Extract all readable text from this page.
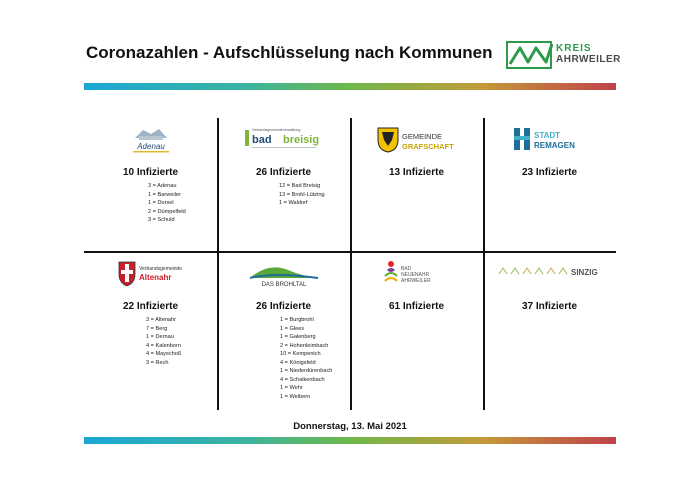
Coronazahlen - Aufschlüsselung nach Kommunen	KREIS
AHRWEILER
Adenau
10 Infizierte
3 = Adenau
1 = Barweiler
1 = Dorsel
2 = Dümpelfeld
3 = Schuld
Verbandsgemeindeverwaltung
bad breisig
26 Infizierte
12 = Bad Breisig
13 = Brohl-Lützing
1 = Waldorf
GEMEINDE
GRAFSCHAFT
13 Infizierte
STADT
REMAGEN
23 Infizierte
Verbandsgemeinde
Altenahr
22 Infizierte
3 = Altenahr
7 = Berg
1 = Dernau
4 = Kalenborn
4 = Mayschoß
3 = Rech
DAS BROHLTAL
26 Infizierte
1 = Burgbrohl
1 = Glees
1 = Galenberg
2 = Hohenleimbach
10 = Kempenich
4 = Königsfeld
1 = Niederdürenbach
4 = Schalkenbach
1 = Wehr
1 = Weibern
BAD
NEUENAHR
AHRWEILER
61 Infizierte
SINZIG
37 Infizierte
Donnerstag, 13. Mai 2021
